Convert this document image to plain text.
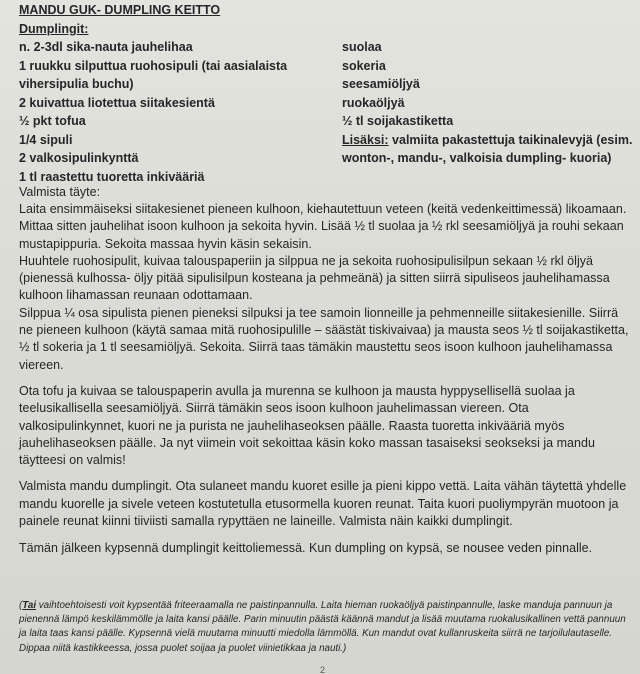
MANDU GUK- DUMPLING KEITTO
Dumplingit:
n. 2-3dl sika-nauta jauhelihaa
1 ruukku silputtua ruohosipuli (tai aasialaista
vihersipulia buchu)
2 kuivattua liotettua siitakesientä
½ pkt tofua
1/4 sipuli
2 valkosipulinkynttä
1 tl raastettu tuoretta inkivääriä
suolaa
sokeria
seesamiöljyä
ruokaöljyä
½ tl soijakastiketta
Lisäksi: valmiita pakastettuja taikinalevyjä (esim.
wonton-, mandu-, valkoisia dumpling- kuoria)
Valmista täyte:

Laita ensimmäiseksi siitakesienet pieneen kulhoon, kiehautettuun veteen (keitä vedenkeittimessä) likoamaan. Mittaa sitten jauhelihat isoon kulhoon ja sekoita hyvin. Lisää ½ tl suolaa ja ½ rkl seesamiöljyä ja rouhi sekaan mustapippuria. Sekoita massaa hyvin käsin sekaisin.

Huuhtele ruohosipulit, kuivaa talouspaperiin ja silppua ne ja sekoita ruohosipulisilpun sekaan ½ rkl öljyä (pienessä kulhossa- öljy pitää sipulisilpun kosteana ja pehmeänä) ja sitten siirrä sipuliseos jauhelihamassa kulhoon lihamassan reunaan odottamaan.

Silppua ¼ osa sipulista pienen pieneksi silpuksi ja tee samoin lionneille ja pehmenneille siitakesienille. Siirrä ne pieneen kulhoon (käytä samaa mitä ruohosipulille – säästät tiskivaivaa) ja mausta seos ½ tl soijakastiketta, ½ tl sokeria ja 1 tl seesamiöljyä. Sekoita. Siirrä taas tämäkin maustettu seos isoon kulhoon jauhelihamassa viereen.

Ota tofu ja kuivaa se talouspaperin avulla ja murenna se kulhoon ja mausta hyppysellisellä suolaa ja teelusikallisella seesamiöljyä. Siirrä tämäkin seos isoon kulhoon jauhelimassan viereen. Ota valkosipulinkynnet, kuori ne ja purista ne jauhelihaseoksen päälle. Raasta tuoretta inkivääriä myös jauhelihaseoksen päälle. Ja nyt viimein voit sekoittaa käsin koko massan tasaiseksi seokseksi ja mandu täytteesi on valmis!

Valmista mandu dumplingit. Ota sulaneet mandu kuoret esille ja pieni kippo vettä. Laita vähän täytettä yhdelle mandu kuorelle ja sivele veteen kostutetulla etusormella kuoren reunat. Taita kuori puoliympyrän muotoon ja painele reunat kiinni tiiviisti samalla rypyttäen ne laineille. Valmista näin kaikki dumplingit.

Tämän jälkeen kypsennä dumplingit keittoliemessä. Kun dumpling on kypsä, se nousee veden pinnalle.

(Tai vaihtoehtoisesti voit kypsentää friteeraamalla ne paistinpannulla. Laita hieman ruokaöljyä paistinpannulle, laske manduja pannuun ja pienennä lämpö keskilämmölle ja laita kansi päälle. Parin minuutin päästä käännä mandut ja lisää muutama ruokalusikallinen vettä pannuun ja laita taas kansi päälle. Kypsennä vielä muutama minuutti miedolla lämmöllä. Kun mandut ovat kullanruskeita siirrä ne tarjoilulautaselle. Dippaa niitä kastikkeessa, jossa puolet soijaa ja puolet viinietikkaa ja nauti.)
2
